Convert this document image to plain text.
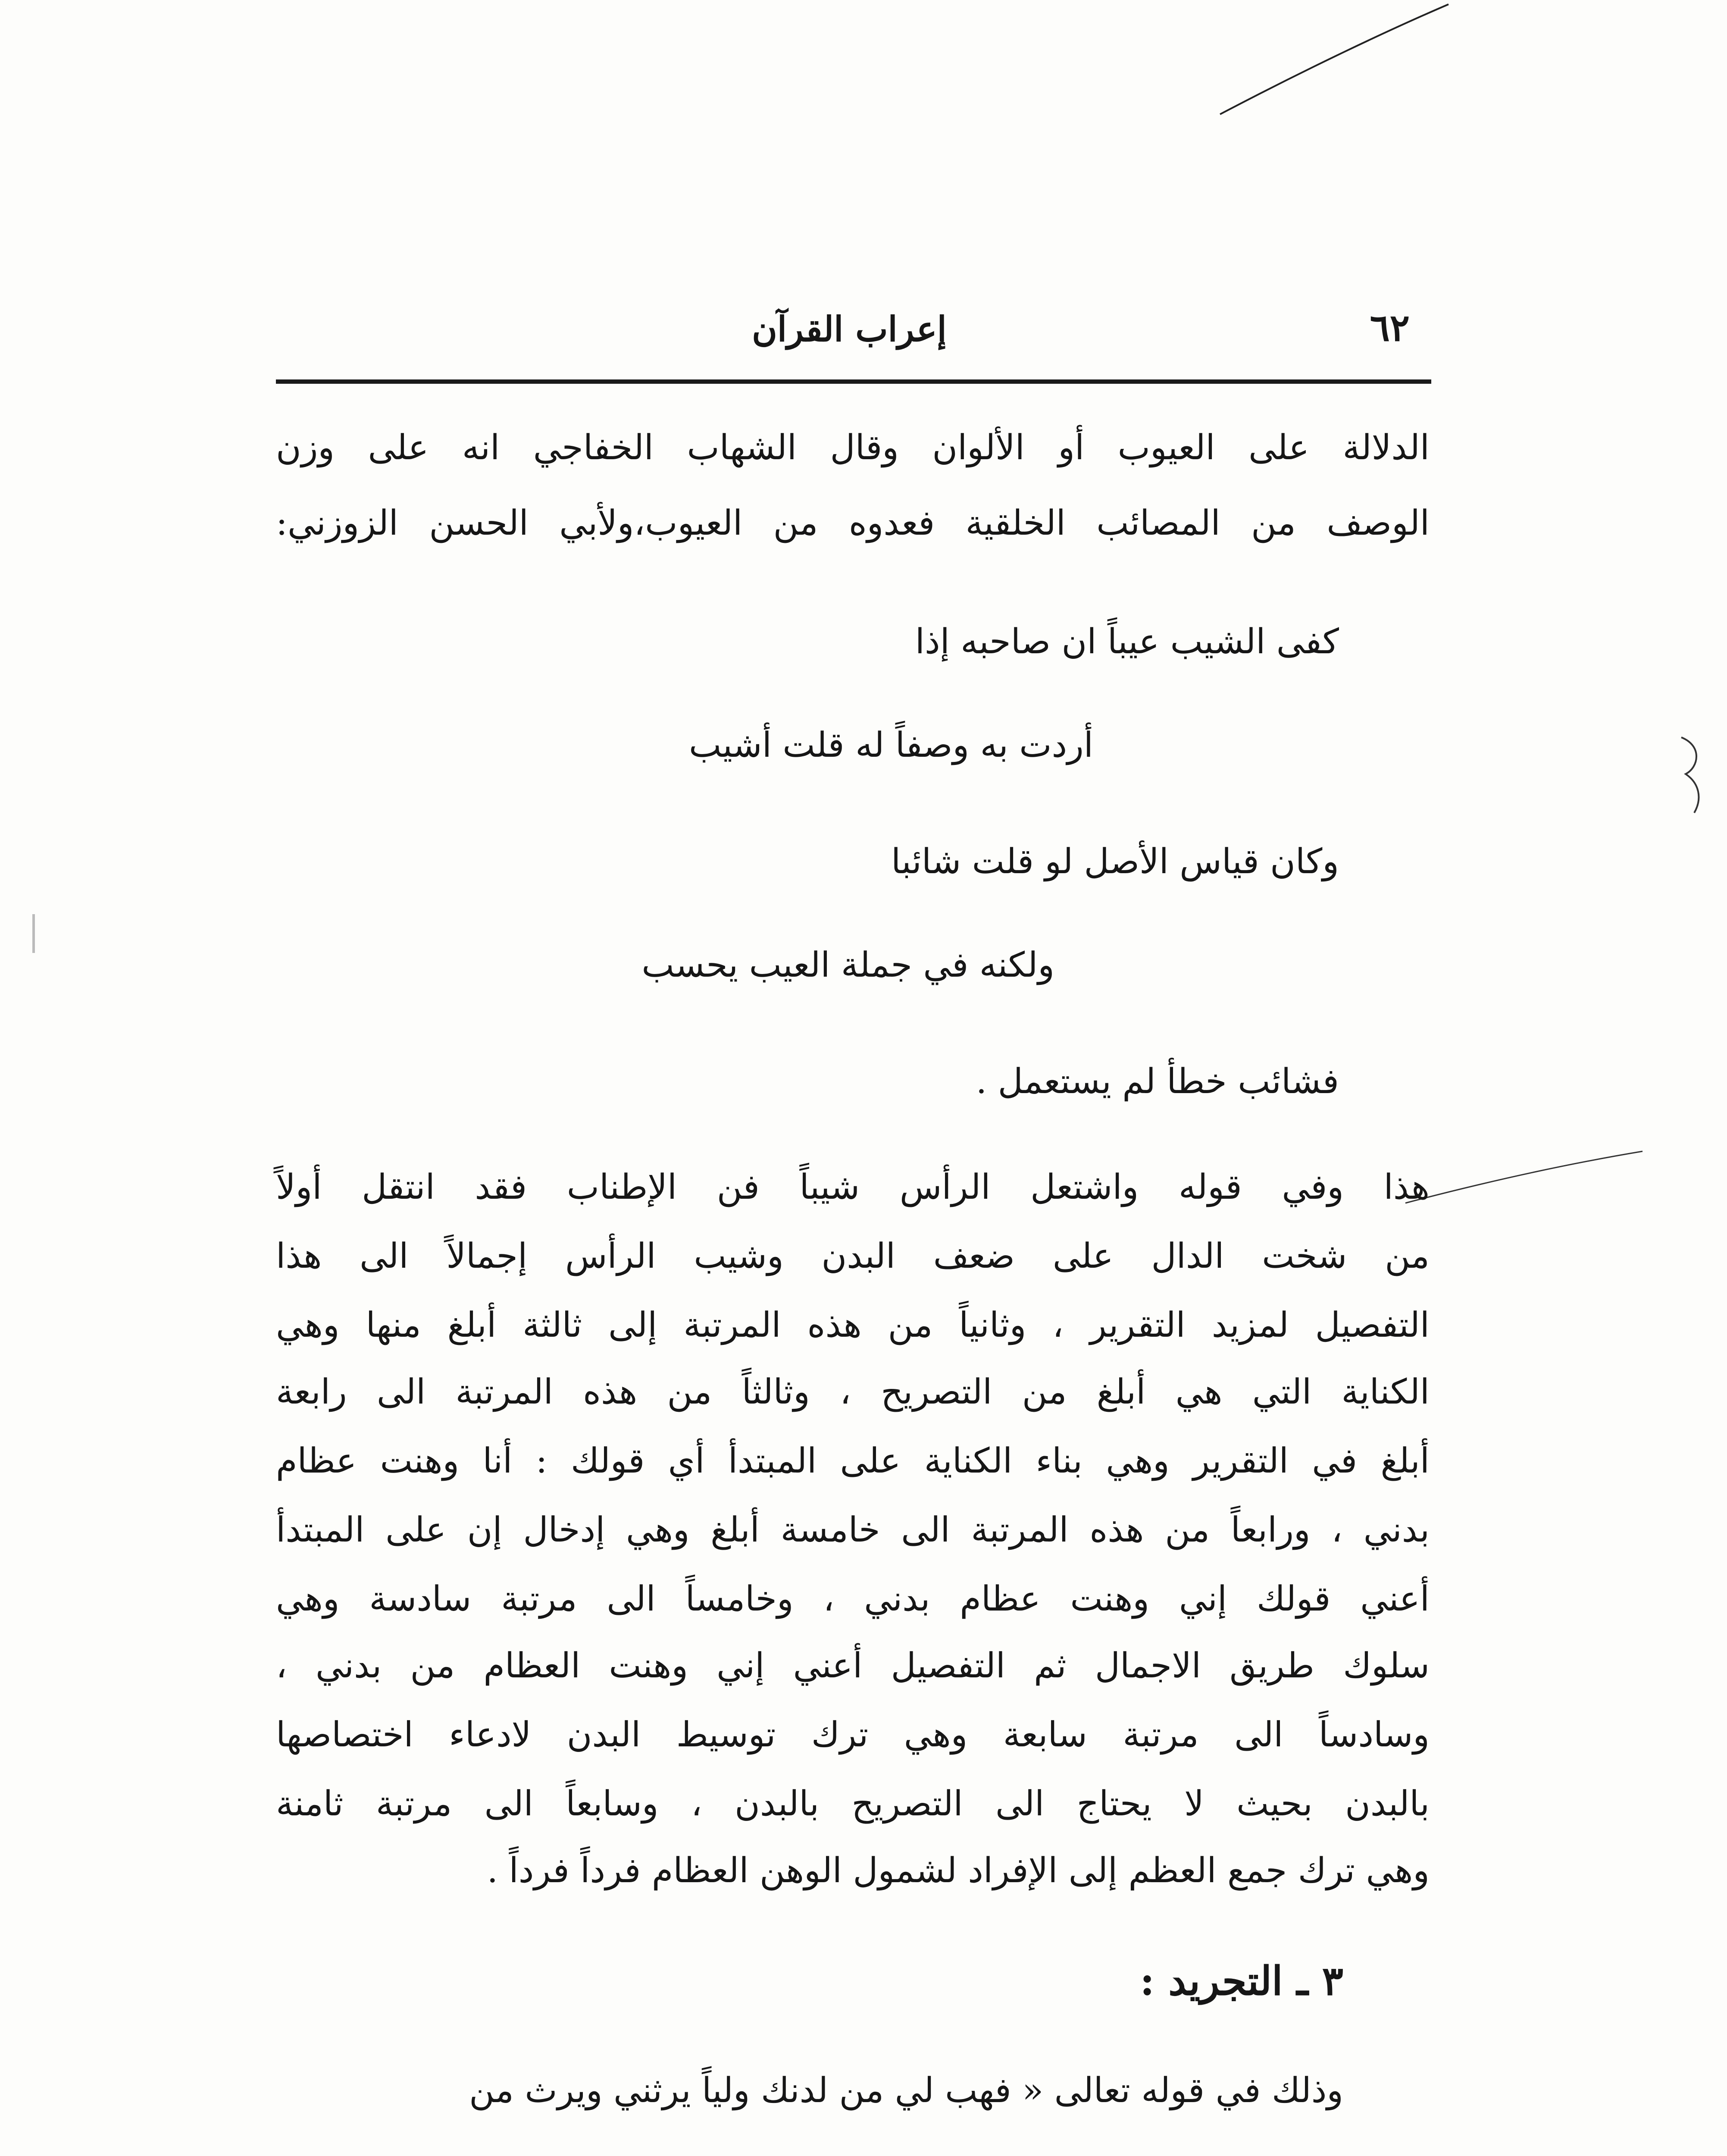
٦٢
إعراب القرآن
الدلالة على العيوب أو الألوان وقال الشهاب الخفاجي انه على وزن
الوصف من المصائب الخلقية فعدوه من العيوب،ولأبي الحسن الزوزني:
كفى الشيب عيباً ان صاحبه إذا
أردت به وصفاً له قلت أشيب
وكان قياس الأصل لو قلت شائبا
ولكنه في جملة العيب يحسب
فشائب خطأ لم يستعمل .
هذا وفي قوله واشتعل الرأس شيباً فن الإطناب فقد انتقل أولاً
من شخت الدال على ضعف البدن وشيب الرأس إجمالاً الى هذا
التفصيل لمزيد التقرير ، وثانياً من هذه المرتبة إلى ثالثة أبلغ منها وهي
الكناية التي هي أبلغ من التصريح ، وثالثاً من هذه المرتبة الى رابعة
أبلغ في التقرير وهي بناء الكناية على المبتدأ أي قولك : أنا وهنت عظام
بدني ، ورابعاً من هذه المرتبة الى خامسة أبلغ وهي إدخال إن على المبتدأ
أعني قولك إني وهنت عظام بدني ، وخامساً الى مرتبة سادسة وهي
سلوك طريق الاجمال ثم التفصيل أعني إني وهنت العظام من بدني ،
وسادساً الى مرتبة سابعة وهي ترك توسيط البدن لادعاء اختصاصها
بالبدن بحيث لا يحتاج الى التصريح بالبدن ، وسابعاً الى مرتبة ثامنة
وهي ترك جمع العظم إلى الإفراد لشمول الوهن العظام فرداً فرداً .
٣ ـ التجريد :
وذلك في قوله تعالى « فهب لي من لدنك ولياً يرثني ويرث من
